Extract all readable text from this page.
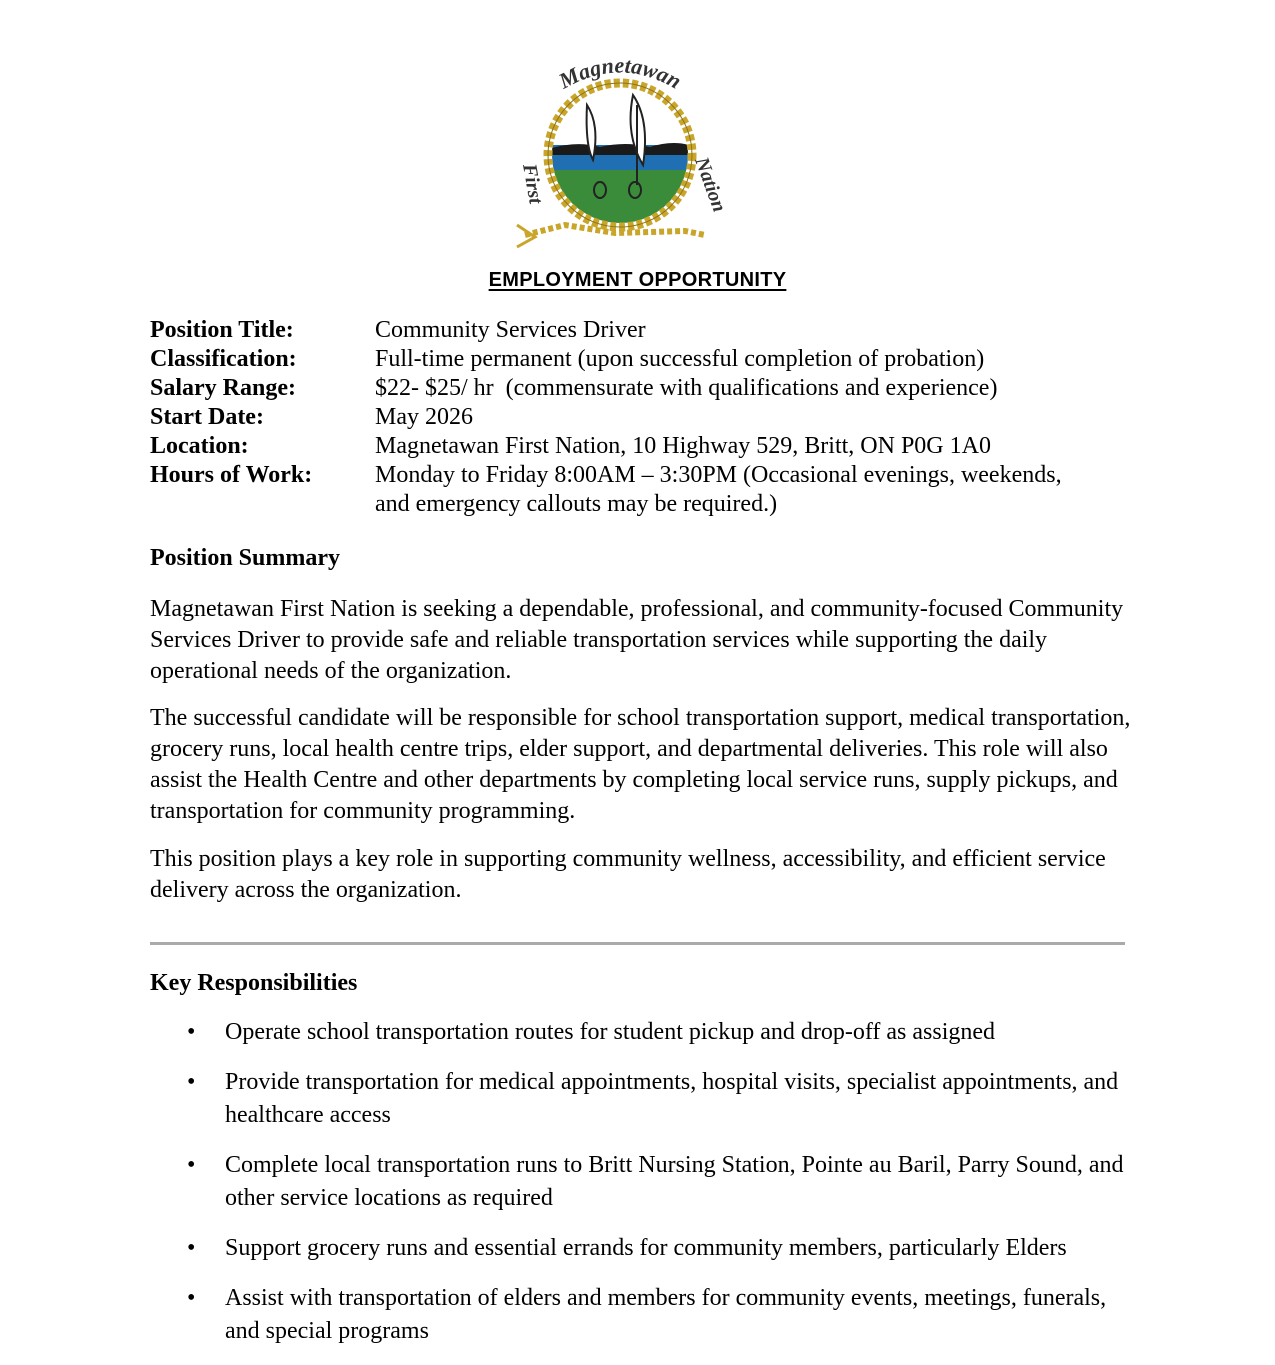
Magnetawan
First	Nation
EMPLOYMENT OPPORTUNITY
Position Title:	Community Services Driver
Classification:	Full-time permanent (upon successful completion of probation)
Salary Range:	$22- $25/ hr  (commensurate with qualifications and experience)
Start Date:	May 2026
Location:	Magnetawan First Nation, 10 Highway 529, Britt, ON P0G 1A0
Hours of Work:	Monday to Friday 8:00AM – 3:30PM (Occasional evenings, weekends, and emergency callouts may be required.)
Position Summary

Magnetawan First Nation is seeking a dependable, professional, and community-focused Community Services Driver to provide safe and reliable transportation services while supporting the daily operational needs of the organization.

The successful candidate will be responsible for school transportation support, medical transportation, grocery runs, local health centre trips, elder support, and departmental deliveries. This role will also assist the Health Centre and other departments by completing local service runs, supply pickups, and transportation for community programming.

This position plays a key role in supporting community wellness, accessibility, and efficient service delivery across the organization.

Key Responsibilities
• Operate school transportation routes for student pickup and drop-off as assigned
• Provide transportation for medical appointments, hospital visits, specialist appointments, and healthcare access
• Complete local transportation runs to Britt Nursing Station, Pointe au Baril, Parry Sound, and other service locations as required
• Support grocery runs and essential errands for community members, particularly Elders
• Assist with transportation of elders and members for community events, meetings, funerals, and special programs
